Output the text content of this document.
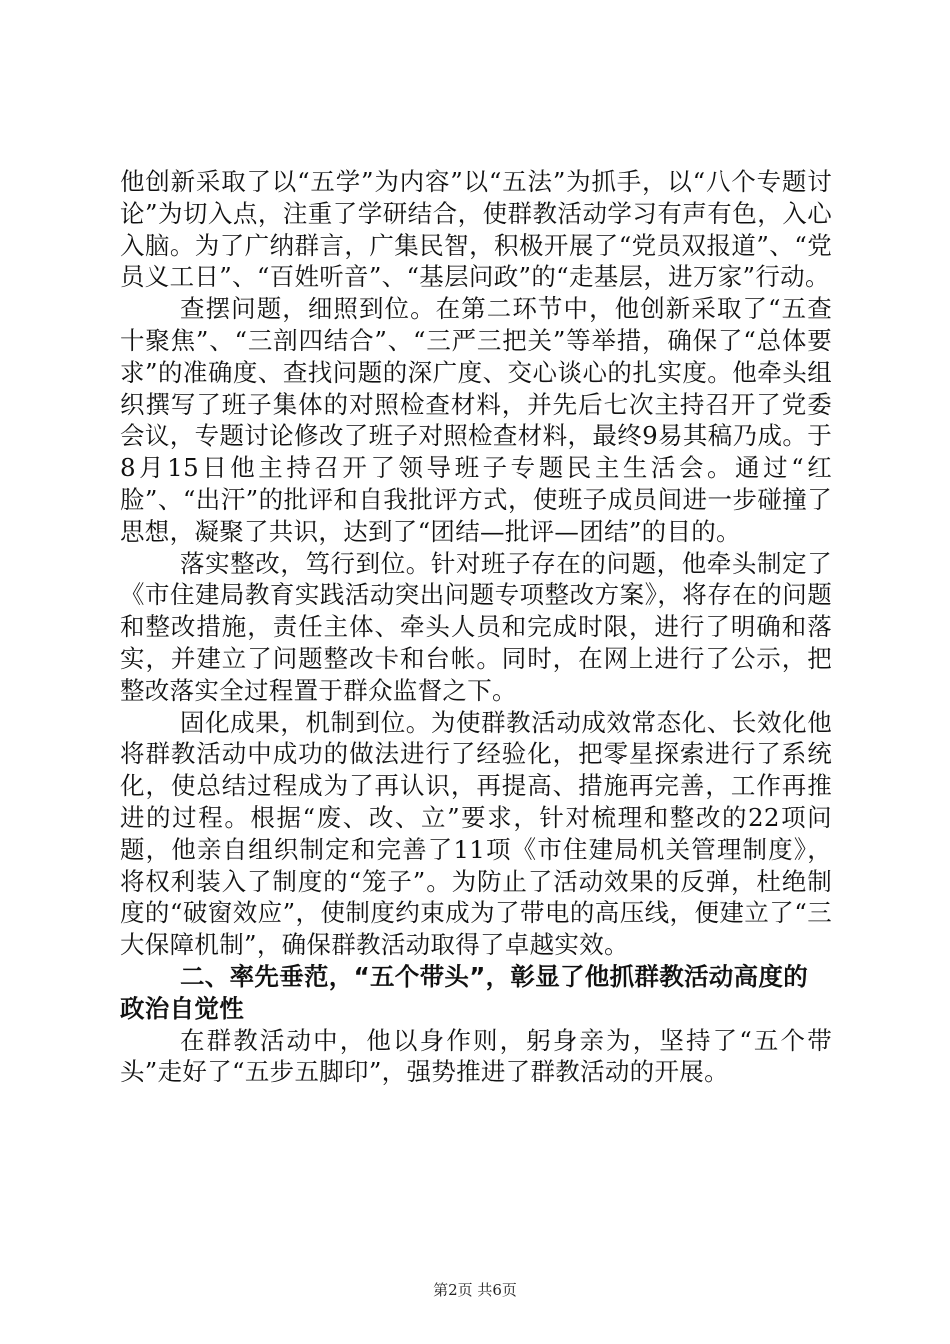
他创新采取了以“五学”为内容”以“五法”为抓手，以“八个专题讨论”为切入点，注重了学研结合，使群教活动学习有声有色，入心入脑。为了广纳群言，广集民智，积极开展了“党员双报道”、“党员义工日”、“百姓听音”、“基层问政”的“走基层，进万家”行动。

查摆问题，细照到位。在第二环节中，他创新采取了“五查十聚焦”、“三剖四结合”、“三严三把关”等举措，确保了“总体要求”的准确度、查找问题的深广度、交心谈心的扎实度。他牵头组织撰写了班子集体的对照检查材料，并先后七次主持召开了党委会议，专题讨论修改了班子对照检查材料，最终9易其稿乃成。于8月15日他主持召开了领导班子专题民主生活会。通过“红脸”、“出汗”的批评和自我批评方式，使班子成员间进一步碰撞了思想，凝聚了共识，达到了“团结—批评—团结”的目的。

落实整改，笃行到位。针对班子存在的问题，他牵头制定了《市住建局教育实践活动突出问题专项整改方案》，将存在的问题和整改措施，责任主体、牵头人员和完成时限，进行了明确和落实，并建立了问题整改卡和台帐。同时，在网上进行了公示，把整改落实全过程置于群众监督之下。

固化成果，机制到位。为使群教活动成效常态化、长效化他将群教活动中成功的做法进行了经验化，把零星探索进行了系统化，使总结过程成为了再认识，再提高、措施再完善，工作再推进的过程。根据“废、改、立”要求，针对梳理和整改的22项问题，他亲自组织制定和完善了11项《市住建局机关管理制度》，将权利装入了制度的“笼子”。为防止了活动效果的反弹，杜绝制度的“破窗效应”，使制度约束成为了带电的高压线，便建立了“三大保障机制”，确保群教活动取得了卓越实效。

二、率先垂范，“五个带头”，彰显了他抓群教活动高度的政治自觉性

在群教活动中，他以身作则，躬身亲为，坚持了“五个带头”走好了“五步五脚印”，强势推进了群教活动的开展。

第2页 共6页
